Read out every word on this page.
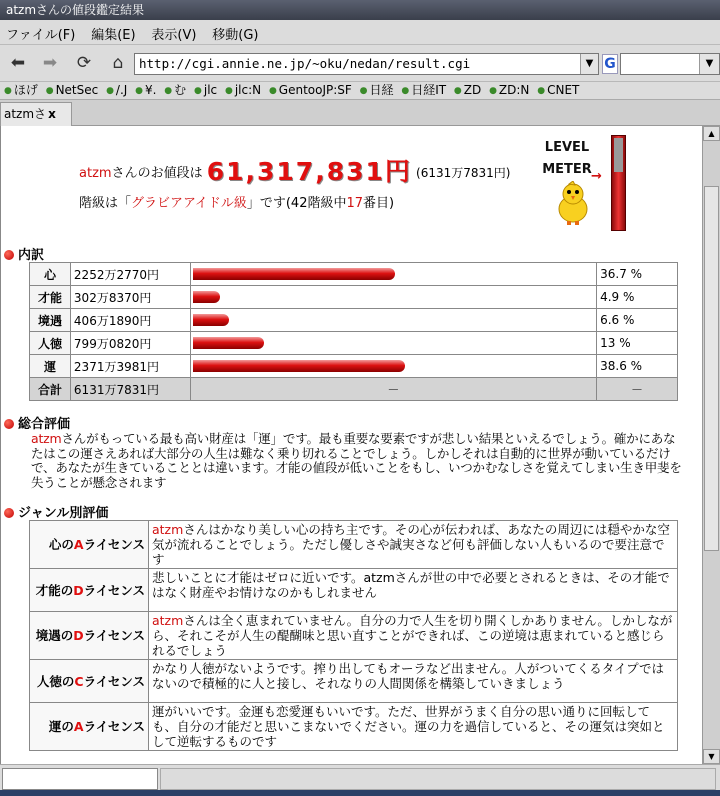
atzmさんの値段鑑定結果
ファイル(F) 編集(E) 表示(V) 移動(G)
⬅ ➡ ⟳	⌂	http://cgi.annie.ne.jp/~oku/nedan/result.cgi	▼ G	▼
● ほげ ● NetSec ● /.J ● ¥. ● む ● jlc ● jlc:N ● GentooJP:SF ● 日経 ● 日経IT ● ZD ● ZD:N ● CNET
atzmさ x
atzmさんのお値段は 61,317,831円 (6131万7831円)
階級は「グラビアアイドル級」です(42階級中17番目)
LEVEL
METER →
内訳
心	2252万2770円		36.7 %
才能	302万8370円		4.9 %
境遇	406万1890円		6.6 %
人徳	799万0820円		13 %
運	2371万3981円		38.6 %
合計	6131万7831円	－	－
総合評価
atzmさんがもっている最も高い財産は「運」です。最も重要な要素ですが悲しい結果といえるでしょう。確かにあなたはこの運さえあれば大部分の人生は難なく乗り切れることでしょう。しかしそれは自動的に世界が動いているだけで、あなたが生きていることとは違います。才能の値段が低いことをもし、いつかむなしさを覚えてしまい生き甲斐を失うことが懸念されます
ジャンル別評価
心のAライセンス	atzmさんはかなり美しい心の持ち主です。その心が伝われば、あなたの周辺には穏やかな空気が流れることでしょう。ただし優しさや誠実さなど何も評価しない人もいるので要注意です
才能のDライセンス	悲しいことに才能はゼロに近いです。atzmさんが世の中で必要とされるときは、その才能ではなく財産やお情けなのかもしれません
境遇のDライセンス	atzmさんは全く恵まれていません。自分の力で人生を切り開くしかありません。しかしながら、それこそが人生の醍醐味と思い直すことができれば、この逆境は恵まれていると感じられるでしょう
人徳のCライセンス	かなり人徳がないようです。搾り出してもオーラなど出ません。人がついてくるタイプではないので積極的に人と接し、それなりの人間関係を構築していきましょう
運のAライセンス	運がいいです。金運も恋愛運もいいです。ただ、世界がうまく自分の思い通りに回転しても、自分の才能だと思いこまないでください。運の力を過信していると、その運気は突如として逆転するものです
▲
▼
